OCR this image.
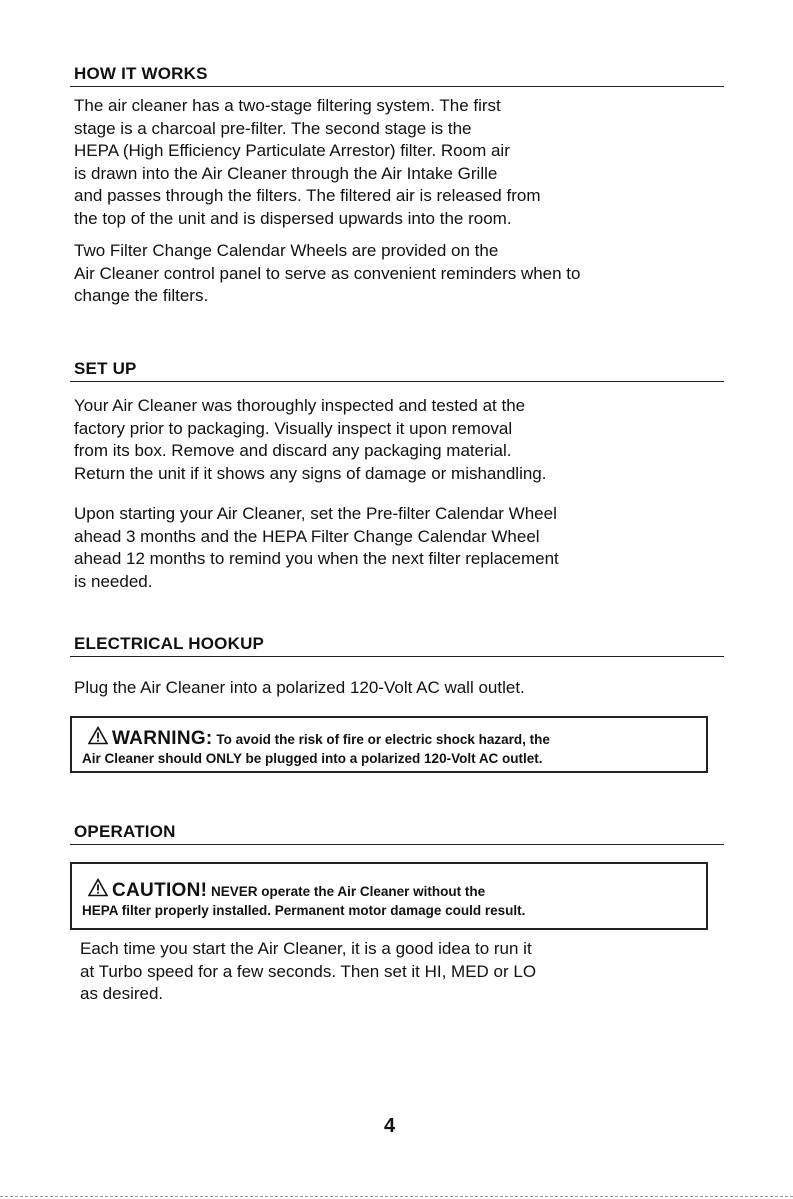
HOW IT WORKS

The air cleaner has a two-stage filtering system. The first
stage is a charcoal pre-filter. The second stage is the
HEPA (High Efficiency Particulate Arrestor) filter. Room air
is drawn into the Air Cleaner through the Air Intake Grille
and passes through the filters. The filtered air is released from
the top of the unit and is dispersed upwards into the room.

Two Filter Change Calendar Wheels are provided on the
Air Cleaner control panel to serve as convenient reminders when to
change the filters.

SET UP

Your Air Cleaner was thoroughly inspected and tested at the
factory prior to packaging. Visually inspect it upon removal
from its box. Remove and discard any packaging material.
Return the unit if it shows any signs of damage or mishandling.

Upon starting your Air Cleaner, set the Pre-filter Calendar Wheel
ahead 3 months and the HEPA Filter Change Calendar Wheel
ahead 12 months to remind you when the next filter replacement
is needed.

ELECTRICAL HOOKUP

Plug the Air Cleaner into a polarized 120-Volt AC wall outlet.

WARNING: To avoid the risk of fire or electric shock hazard, the
Air Cleaner should ONLY be plugged into a polarized 120-Volt AC outlet.
OPERATION
CAUTION! NEVER operate the Air Cleaner without the
HEPA filter properly installed. Permanent motor damage could result.

Each time you start the Air Cleaner, it is a good idea to run it
at Turbo speed for a few seconds. Then set it HI, MED or LO
as desired.

4
